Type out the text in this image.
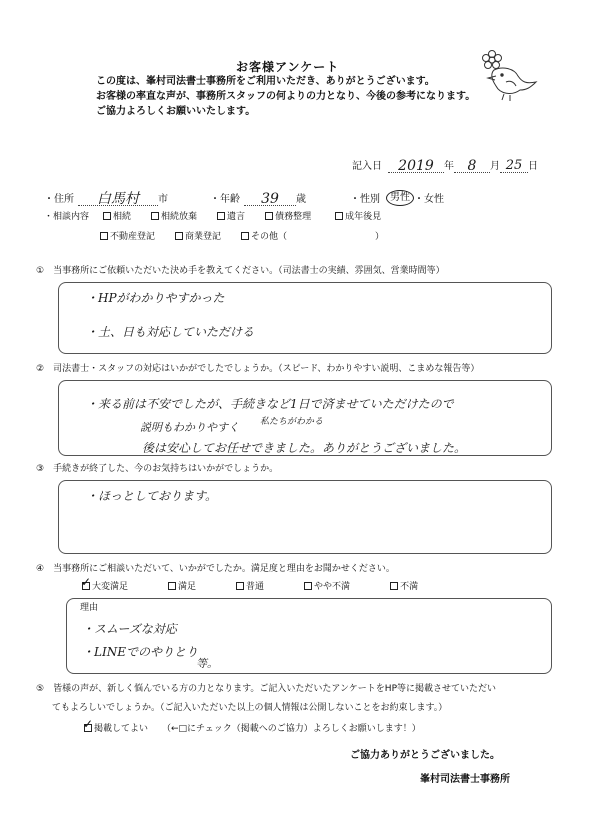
お客様アンケート
この度は、峯村司法書士事務所をご利用いただき、ありがとうございます。
お客様の率直な声が、事務所スタッフの何よりの力となり、今後の参考になります。
ご協力よろしくお願いいたします。
記入日	2019	年 8	月 25 日
・住所	白馬村	市	・年齢	39	歳	・性別	男性 ・ 女性
・相談内容	相続	相続放棄	遺言	債務整理	成年後見
不動産登記	商業登記	その他（	）
①　当事務所にご依頼いただいた決め手を教えてください。（司法書士の実績、雰囲気、営業時間等）
・HPがわかりやすかった
・土、日も対応していただける
②　司法書士・スタッフの対応はいかがでしたでしょうか。（スピード、わかりやすい説明、こまめな報告等）
・来る前は不安でしたが、手続きなど1日で済ませていただけたので
説明もわかりやすく 私たちがわかる
後は安心してお任せできました。ありがとうございました。
③　手続きが終了した、今のお気持ちはいかがでしょうか。
・ほっとしております。
④　当事務所にご相談いただいて、いかがでしたか。満足度と理由をお聞かせください。
✓大変満足	満足	普通	やや不満	不満
理由
・スムーズな対応
・LINEでのやりとり
等。
⑤　皆様の声が、新しく悩んでいる方の力となります。ご記入いただいたアンケートをHP等に掲載させていただい
てもよろしいでしょうか。（ご記入いただいた以上の個人情報は公開しないことをお約束します。）
✓掲載してよい （←□にチェック（掲載へのご協力）よろしくお願いします！）
ご協力ありがとうございました。
峯村司法書士事務所
